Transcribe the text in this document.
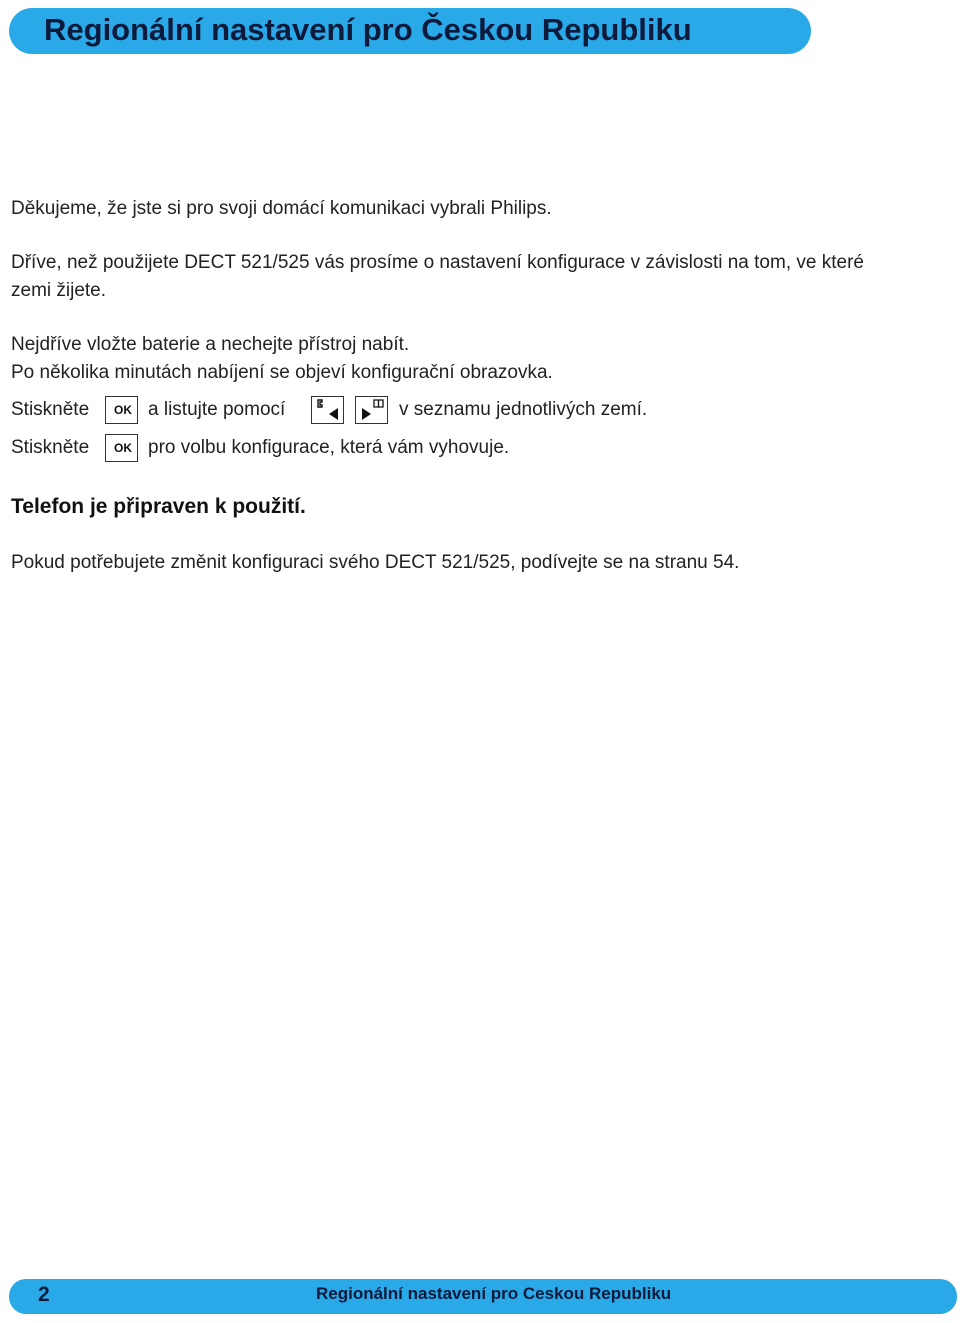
Regionální nastavení pro Českou Republiku

Děkujeme, že jste si pro svoji domácí komunikaci vybrali Philips.

Dříve, než použijete DECT 521/525 vás prosíme o nastavení konfigurace v závislosti na tom, ve které

zemi žijete.

Nejdříve vložte baterie a nechejte přístroj nabít.

Po několika minutách nabíjení se objeví konfigurační obrazovka.

Stiskněte OK a listujte pomocí	v seznamu jednotlivých zemí.
Stiskněte OK pro volbu konfigurace, která vám vyhovuje.

Telefon je připraven k použití.

Pokud potřebujete změnit konfiguraci svého DECT 521/525, podívejte se na stranu 54.

2	Regionální nastavení pro Ceskou Republiku
